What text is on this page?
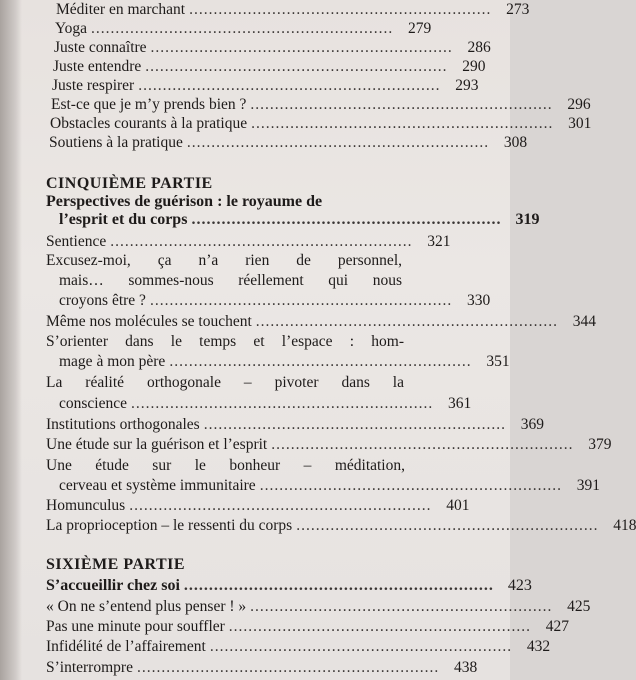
Méditer en marchant .............................................................. 273
Yoga .............................................................. 279
Juste connaître .............................................................. 286
Juste entendre .............................................................. 290
Juste respirer .............................................................. 293
Est-ce que je m’y prends bien ? .............................................................. 296
Obstacles courants à la pratique .............................................................. 301
Soutiens à la pratique .............................................................. 308
CINQUIÈME PARTIE
Perspectives de guérison : le royaume de
l’esprit et du corps .............................................................. 319
Sentience .............................................................. 321
Excusez-moi, ça n’a rien de personnel,
mais… sommes-nous réellement qui nous
croyons être ? .............................................................. 330
Même nos molécules se touchent .............................................................. 344
S’orienter dans le temps et l’espace : hom-
mage à mon père .............................................................. 351
La réalité orthogonale – pivoter dans la
conscience .............................................................. 361
Institutions orthogonales .............................................................. 369
Une étude sur la guérison et l’esprit .............................................................. 379
Une étude sur le bonheur – méditation,
cerveau et système immunitaire .............................................................. 391
Homunculus .............................................................. 401
La proprioception – le ressenti du corps .............................................................. 418
SIXIÈME PARTIE
S’accueillir chez soi .............................................................. 423
« On ne s’entend plus penser ! » .............................................................. 425
Pas une minute pour souffler .............................................................. 427
Infidélité de l’affairement .............................................................. 432
S’interrompre .............................................................. 438
